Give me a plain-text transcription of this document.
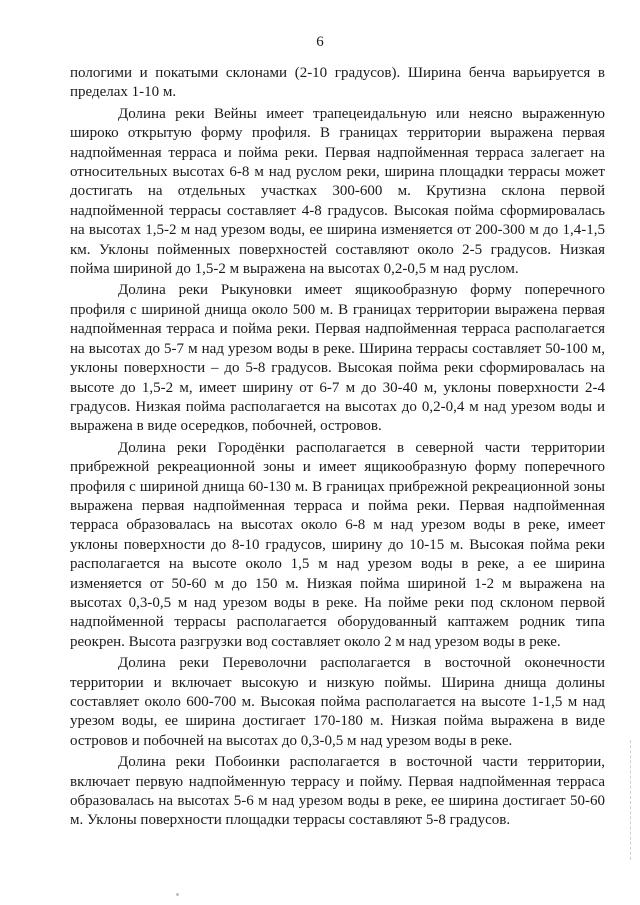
6

пологими и покатыми склонами (2-10 градусов). Ширина бенча варьируется в пределах 1-10 м.

Долина реки Вейны имеет трапецеидальную или неясно выраженную широко открытую форму профиля. В границах территории выражена первая надпойменная терраса и пойма реки. Первая надпойменная терраса залегает на относительных высотах 6-8 м над руслом реки, ширина площадки террасы может достигать на отдельных участках 300-600 м. Крутизна склона первой надпойменной террасы составляет 4-8 градусов. Высокая пойма сформировалась на высотах 1,5-2 м над урезом воды, ее ширина изменяется от 200-300 м до 1,4-1,5 км. Уклоны пойменных поверхностей составляют около 2-5 градусов. Низкая пойма шириной до 1,5-2 м выражена на высотах 0,2-0,5 м над руслом.

Долина реки Рыкуновки имеет ящикообразную форму поперечного профиля с шириной днища около 500 м. В границах территории выражена первая надпойменная терраса и пойма реки. Первая надпойменная терраса располагается на высотах до 5-7 м над урезом воды в реке. Ширина террасы составляет 50-100 м, уклоны поверхности – до 5-8 градусов. Высокая пойма реки сформировалась на высоте до 1,5-2 м, имеет ширину от 6-7 м до 30-40 м, уклоны поверхности 2-4 градусов. Низкая пойма располагается на высотах до 0,2-0,4 м над урезом воды и выражена в виде осередков, побочней, островов.

Долина реки Городёнки располагается в северной части территории прибрежной рекреационной зоны и имеет ящикообразную форму поперечного профиля с шириной днища 60-130 м. В границах прибрежной рекреационной зоны выражена первая надпойменная терраса и пойма реки. Первая надпойменная терраса образовалась на высотах около 6-8 м над урезом воды в реке, имеет уклоны поверхности до 8-10 градусов, ширину до 10-15 м. Высокая пойма реки располагается на высоте около 1,5 м над урезом воды в реке, а ее ширина изменяется от 50-60 м до 150 м. Низкая пойма шириной 1-2 м выражена на высотах 0,3-0,5 м над урезом воды в реке. На пойме реки под склоном первой надпойменной террасы располагается оборудованный каптажем родник типа реокрен. Высота разгрузки вод составляет около 2 м над урезом воды в реке.

Долина реки Переволочни располагается в восточной оконечности территории и включает высокую и низкую поймы. Ширина днища долины составляет около 600-700 м. Высокая пойма располагается на высоте 1-1,5 м над урезом воды, ее ширина достигает 170-180 м. Низкая пойма выражена в виде островов и побочней на высотах до 0,3-0,5 м над урезом воды в реке.

Долина реки Побоинки располагается в восточной части территории, включает первую надпойменную террасу и пойму. Первая надпойменная терраса образовалась на высотах 5-6 м над урезом воды в реке, ее ширина достигает 50-60 м. Уклоны поверхности площадки террасы составляют 5-8 градусов.
